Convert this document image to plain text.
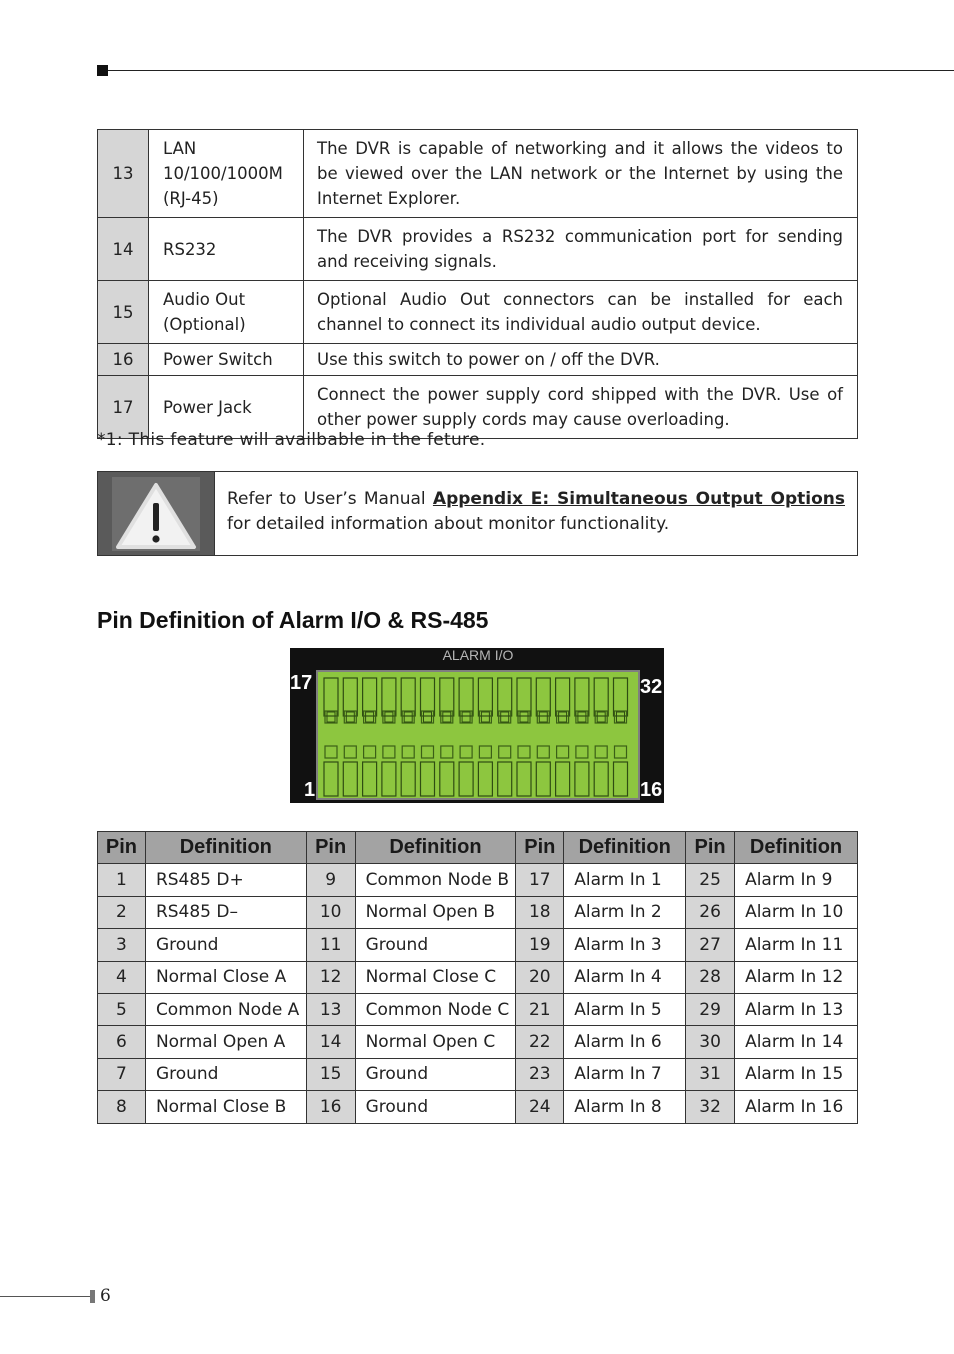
13	LAN 10/100/1000M (RJ-45)	The DVR is capable of networking and it allows the videos to be viewed over the LAN network or the Internet by using the Internet Explorer.
14	RS232	The DVR provides a RS232 communication port for sending and receiving signals.
15	Audio Out (Optional)	Optional Audio Out connectors can be installed for each channel to connect its individual audio output device.
16	Power Switch	Use this switch to power on / off the DVR.
17	Power Jack	Connect the power supply cord shipped with the DVR. Use of other power supply cords may cause overloading.
*1: This feature will availbable in the feture.
Refer to User’s Manual Appendix E: Simultaneous Output Options for detailed information about monitor functionality.
Pin Definition of Alarm I/O & RS-485
ALARM I/O
17	32
1	16
Pin	Definition	Pin	Definition	Pin	Definition	Pin	Definition
1	RS485 D+	9	Common Node B	17	Alarm In 1	25	Alarm In 9
2	RS485 D–	10	Normal Open B	18	Alarm In 2	26	Alarm In 10
3	Ground	11	Ground	19	Alarm In 3	27	Alarm In 11
4	Normal Close A	12	Normal Close C	20	Alarm In 4	28	Alarm In 12
5	Common Node A	13	Common Node C	21	Alarm In 5	29	Alarm In 13
6	Normal Open A	14	Normal Open C	22	Alarm In 6	30	Alarm In 14
7	Ground	15	Ground	23	Alarm In 7	31	Alarm In 15
8	Normal Close B	16	Ground	24	Alarm In 8	32	Alarm In 16
6
